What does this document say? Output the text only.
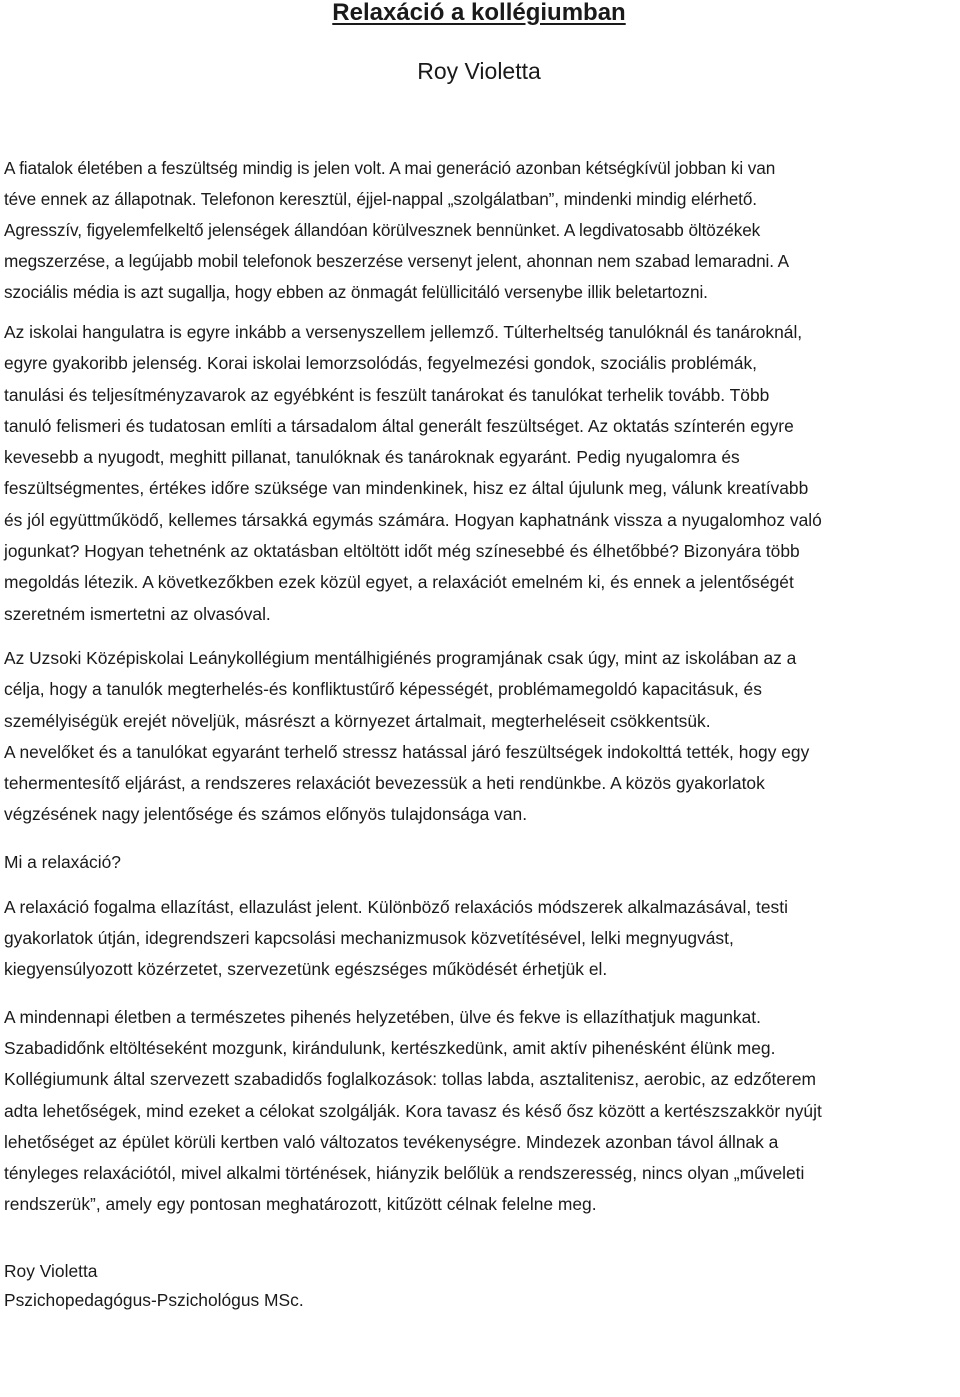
Relaxáció a kollégiumban
Roy Violetta
A fiatalok életében a feszültség mindig is jelen volt. A mai generáció azonban kétségkívül jobban ki van
téve ennek az állapotnak. Telefonon keresztül, éjjel-nappal „szolgálatban”, mindenki mindig elérhető.
Agresszív, figyelemfelkeltő jelenségek állandóan körülvesznek bennünket. A legdivatosabb öltözékek
megszerzése, a legújabb mobil telefonok beszerzése versenyt jelent, ahonnan nem szabad lemaradni. A
szociális média is azt sugallja, hogy ebben az önmagát felüllicitáló versenybe illik beletartozni.
Az iskolai hangulatra is egyre inkább a versenyszellem jellemző. Túlterheltség tanulóknál és tanároknál,
egyre gyakoribb jelenség. Korai iskolai lemorzsolódás, fegyelmezési gondok, szociális problémák,
tanulási és teljesítményzavarok az egyébként is feszült tanárokat és tanulókat terhelik tovább. Több
tanuló felismeri és tudatosan említi a társadalom által generált feszültséget. Az oktatás színterén egyre
kevesebb a nyugodt, meghitt pillanat, tanulóknak és tanároknak egyaránt. Pedig nyugalomra és
feszültségmentes, értékes időre szüksége van mindenkinek, hisz ez által újulunk meg, válunk kreatívabb
és jól együttműködő, kellemes társakká egymás számára. Hogyan kaphatnánk vissza a nyugalomhoz való
jogunkat? Hogyan tehetnénk az oktatásban eltöltött időt még színesebbé és élhetőbbé? Bizonyára több
megoldás létezik. A következőkben ezek közül egyet, a relaxációt emelném ki, és ennek a jelentőségét
szeretném ismertetni az olvasóval.
Az Uzsoki Középiskolai Leánykollégium mentálhigiénés programjának csak úgy, mint az iskolában az a
célja, hogy a tanulók megterhelés-és konfliktustűrő képességét, problémamegoldó kapacitásuk, és
személyiségük erejét növeljük, másrészt a környezet ártalmait, megterheléseit csökkentsük.
A nevelőket és a tanulókat egyaránt terhelő stressz hatással járó feszültségek indokolttá tették, hogy egy
tehermentesítő eljárást, a rendszeres relaxációt bevezessük a heti rendünkbe. A közös gyakorlatok
végzésének nagy jelentősége és számos előnyös tulajdonsága van.
Mi a relaxáció?
A relaxáció fogalma ellazítást, ellazulást jelent. Különböző relaxációs módszerek alkalmazásával, testi
gyakorlatok útján, idegrendszeri kapcsolási mechanizmusok közvetítésével, lelki megnyugvást,
kiegyensúlyozott közérzetet, szervezetünk egészséges működését érhetjük el.
A mindennapi életben a természetes pihenés helyzetében, ülve és fekve is ellazíthatjuk magunkat.
Szabadidőnk eltöltéseként mozgunk, kirándulunk, kertészkedünk, amit aktív pihenésként élünk meg.
Kollégiumunk által szervezett szabadidős foglalkozások: tollas labda, asztalitenisz, aerobic, az edzőterem
adta lehetőségek, mind ezeket a célokat szolgálják. Kora tavasz és késő ősz között a kertészszakkör nyújt
lehetőséget az épület körüli kertben való változatos tevékenységre. Mindezek azonban távol állnak a
tényleges relaxációtól, mivel alkalmi történések, hiányzik belőlük a rendszeresség, nincs olyan „műveleti
rendszerük”, amely egy pontosan meghatározott, kitűzött célnak felelne meg.
Roy Violetta
Pszichopedagógus-Pszichológus MSc.
